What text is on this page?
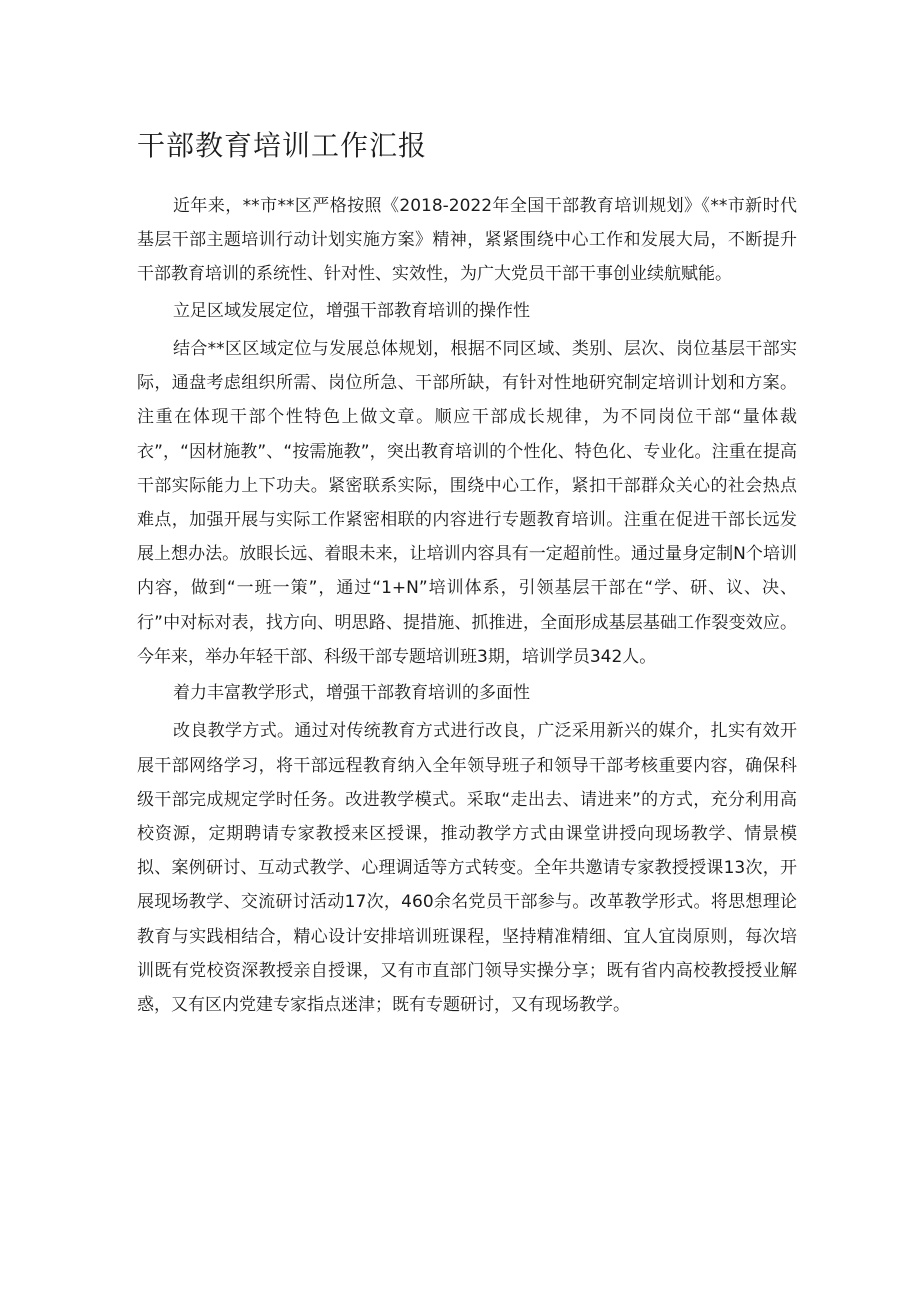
干部教育培训工作汇报

近年来，**市**区严格按照《2018-2022年全国干部教育培训规划》《**市新时代基层干部主题培训行动计划实施方案》精神，紧紧围绕中心工作和发展大局，不断提升干部教育培训的系统性、针对性、实效性，为广大党员干部干事创业续航赋能。

立足区域发展定位，增强干部教育培训的操作性

结合**区区域定位与发展总体规划，根据不同区域、类别、层次、岗位基层干部实际，通盘考虑组织所需、岗位所急、干部所缺，有针对性地研究制定培训计划和方案。注重在体现干部个性特色上做文章。顺应干部成长规律，为不同岗位干部“量体裁衣”，“因材施教”、“按需施教”，突出教育培训的个性化、特色化、专业化。注重在提高干部实际能力上下功夫。紧密联系实际，围绕中心工作，紧扣干部群众关心的社会热点难点，加强开展与实际工作紧密相联的内容进行专题教育培训。注重在促进干部长远发展上想办法。放眼长远、着眼未来，让培训内容具有一定超前性。通过量身定制N个培训内容，做到“一班一策”，通过“1+N”培训体系，引领基层干部在“学、研、议、决、行”中对标对表，找方向、明思路、提措施、抓推进，全面形成基层基础工作裂变效应。今年来，举办年轻干部、科级干部专题培训班3期，培训学员342人。

着力丰富教学形式，增强干部教育培训的多面性

改良教学方式。通过对传统教育方式进行改良，广泛采用新兴的媒介，扎实有效开展干部网络学习，将干部远程教育纳入全年领导班子和领导干部考核重要内容，确保科级干部完成规定学时任务。改进教学模式。采取“走出去、请进来”的方式，充分利用高校资源，定期聘请专家教授来区授课，推动教学方式由课堂讲授向现场教学、情景模拟、案例研讨、互动式教学、心理调适等方式转变。全年共邀请专家教授授课13次，开展现场教学、交流研讨活动17次，460余名党员干部参与。改革教学形式。将思想理论教育与实践相结合，精心设计安排培训班课程，坚持精准精细、宜人宜岗原则，每次培训既有党校资深教授亲自授课，又有市直部门领导实操分享；既有省内高校教授授业解惑，又有区内党建专家指点迷津；既有专题研讨，又有现场教学。
